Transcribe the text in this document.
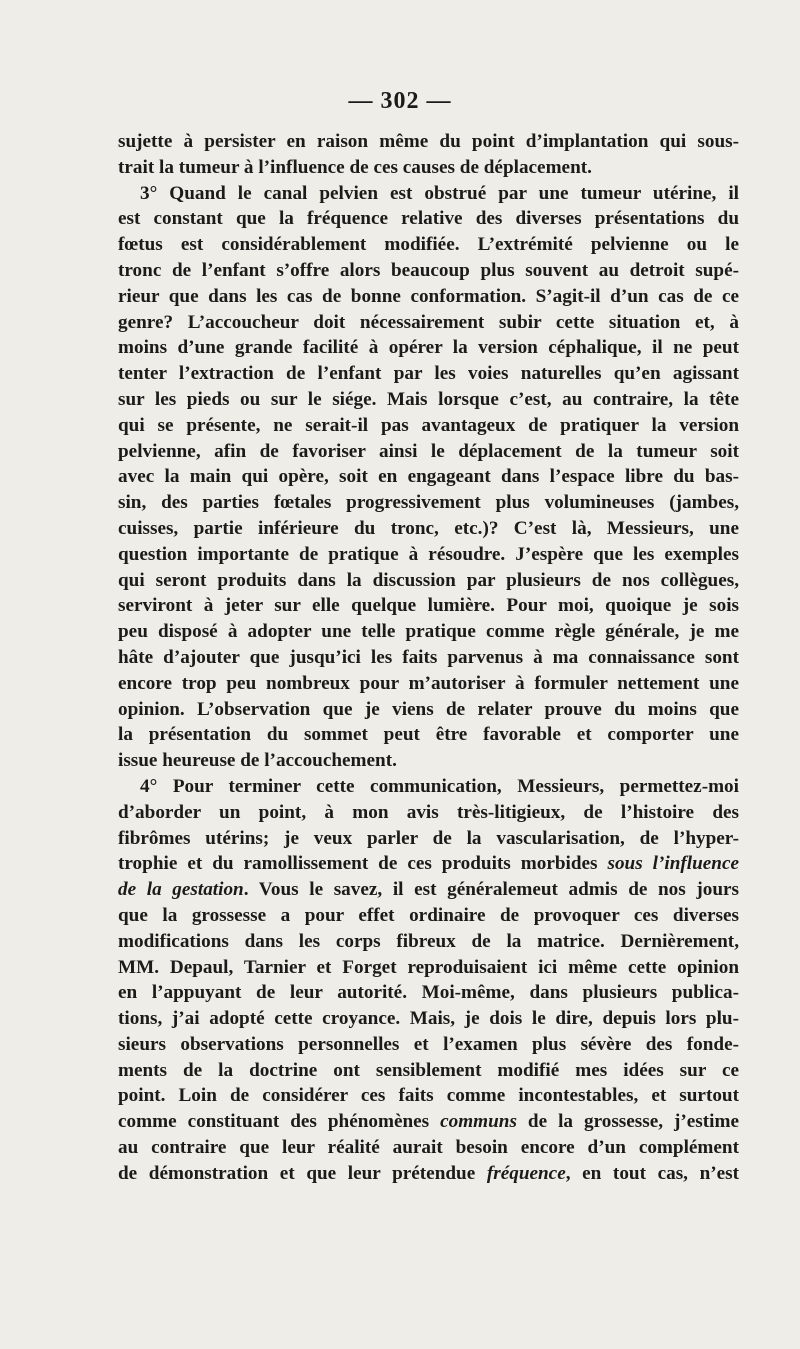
— 302 —
sujette à persister en raison même du point d’implantation qui sous-
trait la tumeur à l’influence de ces causes de déplacement.
3° Quand le canal pelvien est obstrué par une tumeur utérine, il
est constant que la fréquence relative des diverses présentations du
fœtus est considérablement modifiée. L’extrémité pelvienne ou le
tronc de l’enfant s’offre alors beaucoup plus souvent au detroit supé-
rieur que dans les cas de bonne conformation. S’agit-il d’un cas de ce
genre? L’accoucheur doit nécessairement subir cette situation et, à
moins d’une grande facilité à opérer la version céphalique, il ne peut
tenter l’extraction de l’enfant par les voies naturelles qu’en agissant
sur les pieds ou sur le siége. Mais lorsque c’est, au contraire, la tête
qui se présente, ne serait-il pas avantageux de pratiquer la version
pelvienne, afin de favoriser ainsi le déplacement de la tumeur soit
avec la main qui opère, soit en engageant dans l’espace libre du bas-
sin, des parties fœtales progressivement plus volumineuses (jambes,
cuisses, partie inférieure du tronc, etc.)? C’est là, Messieurs, une
question importante de pratique à résoudre. J’espère que les exemples
qui seront produits dans la discussion par plusieurs de nos collègues,
serviront à jeter sur elle quelque lumière. Pour moi, quoique je sois
peu disposé à adopter une telle pratique comme règle générale, je me
hâte d’ajouter que jusqu’ici les faits parvenus à ma connaissance sont
encore trop peu nombreux pour m’autoriser à formuler nettement une
opinion. L’observation que je viens de relater prouve du moins que
la présentation du sommet peut être favorable et comporter une
issue heureuse de l’accouchement.
4° Pour terminer cette communication, Messieurs, permettez-moi
d’aborder un point, à mon avis très-litigieux, de l’histoire des
fibrômes utérins; je veux parler de la vascularisation, de l’hyper-
trophie et du ramollissement de ces produits morbides sous l’influence
de la gestation. Vous le savez, il est généralemeut admis de nos jours
que la grossesse a pour effet ordinaire de provoquer ces diverses
modifications dans les corps fibreux de la matrice. Dernièrement,
MM. Depaul, Tarnier et Forget reproduisaient ici même cette opinion
en l’appuyant de leur autorité. Moi-même, dans plusieurs publica-
tions, j’ai adopté cette croyance. Mais, je dois le dire, depuis lors plu-
sieurs observations personnelles et l’examen plus sévère des fonde-
ments de la doctrine ont sensiblement modifié mes idées sur ce
point. Loin de considérer ces faits comme incontestables, et surtout
comme constituant des phénomènes communs de la grossesse, j’estime
au contraire que leur réalité aurait besoin encore d’un complément
de démonstration et que leur prétendue fréquence, en tout cas, n’est
